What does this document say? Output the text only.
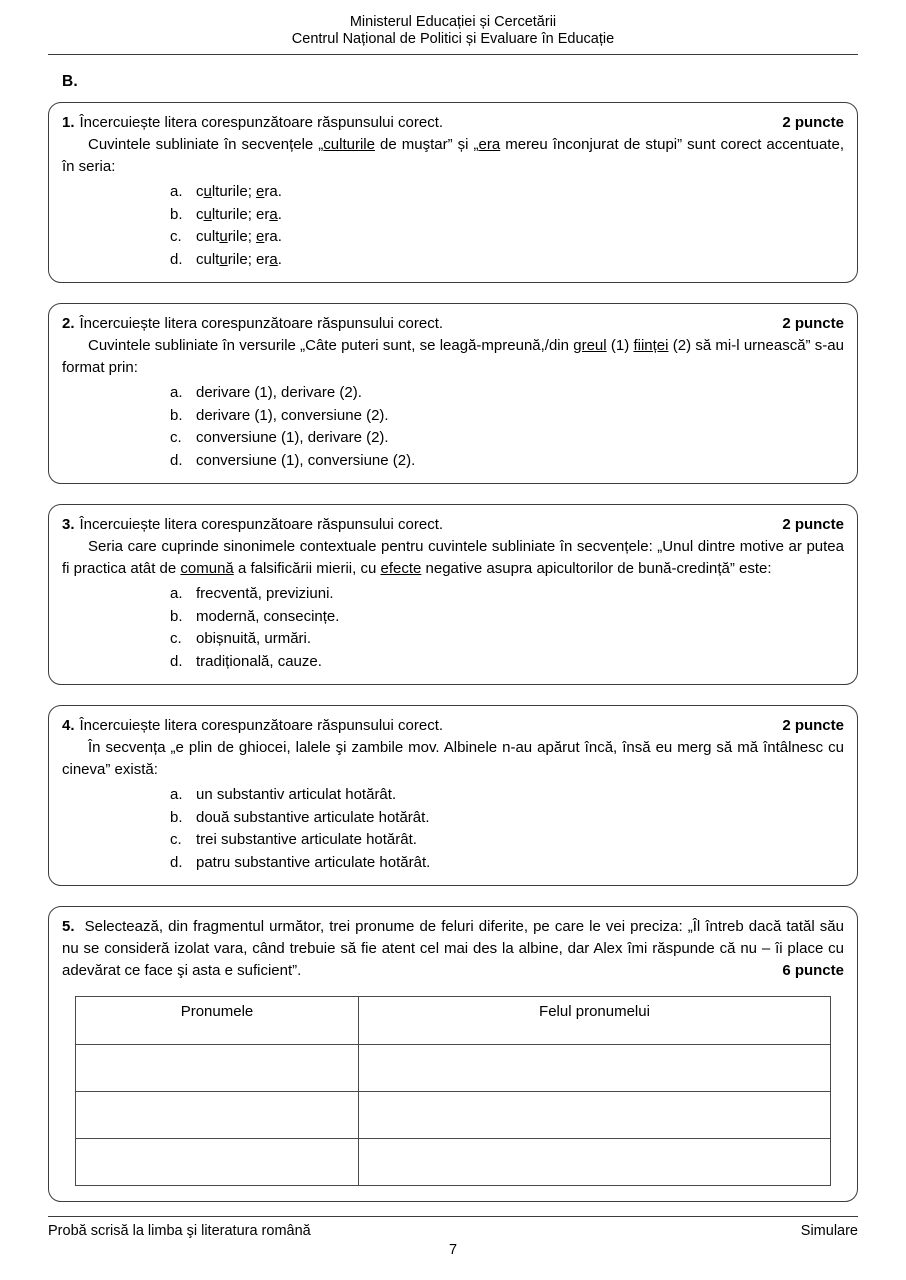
Ministerul Educației și Cercetării
Centrul Național de Politici și Evaluare în Educație
B.
1. Încercuiește litera corespunzătoare răspunsului corect.	2 puncte
Cuvintele subliniate în secvențele „culturile de muştar” și „era mereu înconjurat de stupi” sunt corect accentuate, în seria:
a. culturile; era.
b. culturile; era.
c. culturile; era.
d. culturile; era.
2. Încercuiește litera corespunzătoare răspunsului corect.	2 puncte
Cuvintele subliniate în versurile „Câte puteri sunt, se leagă-mpreună,/din greul (1) ființei (2) să mi-l urnească” s-au format prin:
a. derivare (1), derivare (2).
b. derivare (1), conversiune (2).
c. conversiune (1), derivare (2).
d. conversiune (1), conversiune (2).
3. Încercuiește litera corespunzătoare răspunsului corect.	2 puncte
Seria care cuprinde sinonimele contextuale pentru cuvintele subliniate în secvențele: „Unul dintre motive ar putea fi practica atât de comună a falsificării mierii, cu efecte negative asupra apicultorilor de bună-credință” este:
a. frecventă, previziuni.
b. modernă, consecințe.
c. obișnuită, urmări.
d. tradițională, cauze.
4. Încercuiește litera corespunzătoare răspunsului corect.	2 puncte
În secvența „e plin de ghiocei, lalele şi zambile mov. Albinele n-au apărut încă, însă eu merg să mă întâlnesc cu cineva” există:
a. un substantiv articulat hotărât.
b. două substantive articulate hotărât.
c. trei substantive articulate hotărât.
d. patru substantive articulate hotărât.
5. Selectează, din fragmentul următor, trei pronume de feluri diferite, pe care le vei preciza: „Îl întreb dacă tatăl său nu se consideră izolat vara, când trebuie să fie atent cel mai des la albine, dar Alex îmi răspunde că nu – îi place cu adevărat ce face şi asta e suficient”.	6 puncte
Pronumele	Felul pronumelui

Probă scrisă la limba şi literatura română	Simulare
7
